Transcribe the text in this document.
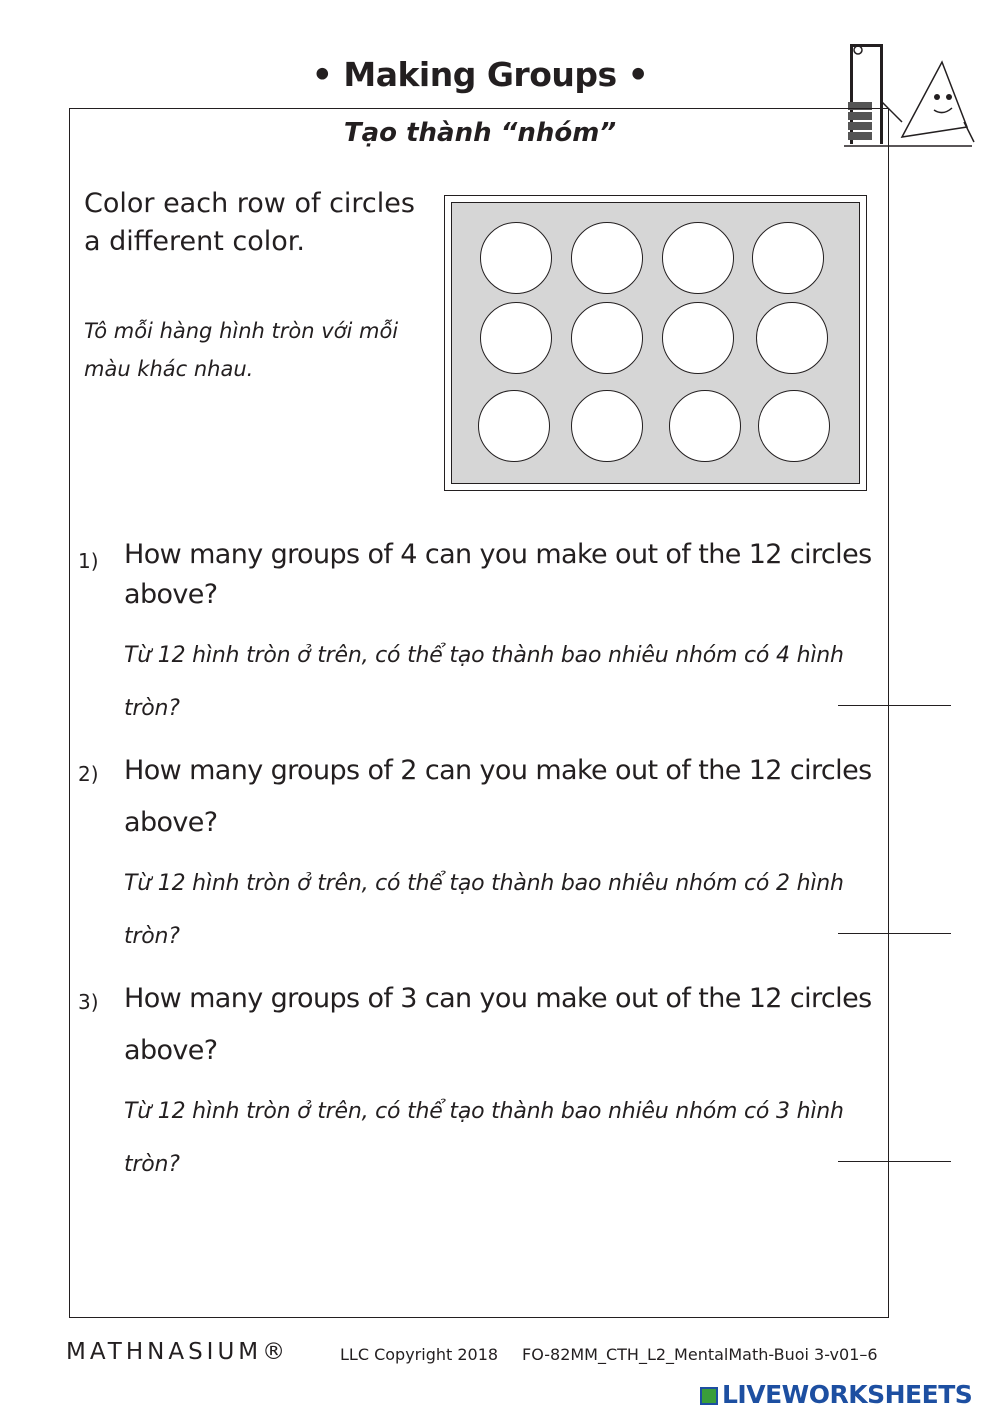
• Making Groups •
Tạo thành “nhóm”
Color each row of circles a different color.
Tô mỗi hàng hình tròn với mỗi màu khác nhau.
1) How many groups of 4 can you make out of the 12 circles above?
Từ 12 hình tròn ở trên, có thể tạo thành bao nhiêu nhóm có 4 hình tròn?
2) How many groups of 2 can you make out of the 12 circles above?
Từ 12 hình tròn ở trên, có thể tạo thành bao nhiêu nhóm có 2 hình tròn?
3) How many groups of 3 can you make out of the 12 circles above?
Từ 12 hình tròn ở trên, có thể tạo thành bao nhiêu nhóm có 3 hình tròn?
MATHNASIUM®	LLC Copyright 2018 FO-82MM_CTH_L2_MentalMath-Buoi 3-v01–6
LIVEWORKSHEETS
